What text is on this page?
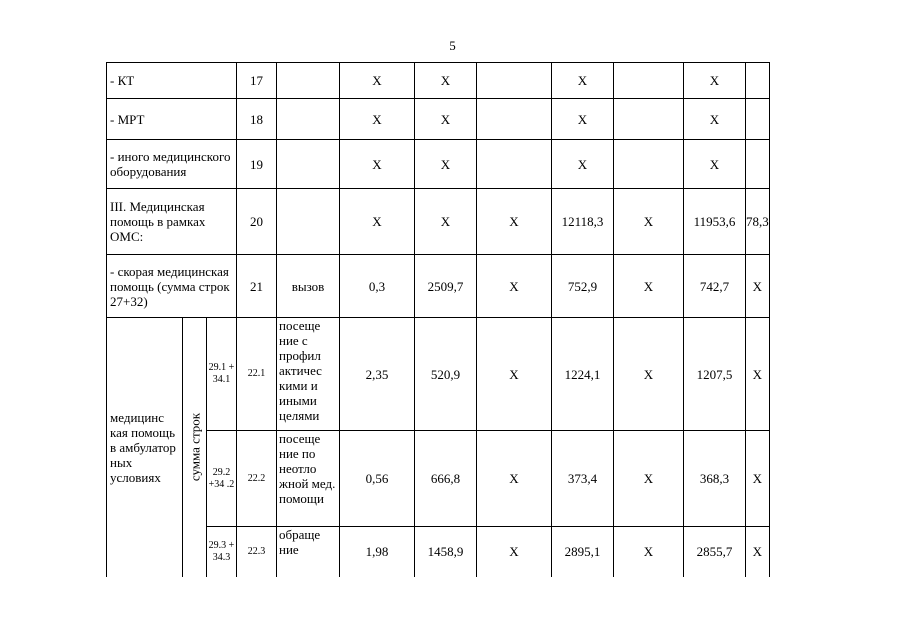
5
- КТ			17		X	X		X		X	
- МРТ			18		X	X		X		X	
- иного медицинского оборудования			19		X	X		X		X	
III. Медицинская помощь в рамках ОМС:			20		X	X	X	12118,3	X	11953,6	78,3
- скорая медицинская помощь (сумма строк 27+32)			21	вызов	0,3	2509,7	X	752,9	X	742,7	X
медицинс кая помощь в амбулатор ных условиях	сумма строк	29.1 + 34.1	22.1	посеще ние с профил актичес кими и иными целями	2,35	520,9	X	1224,1	X	1207,5	X
		29.2 +34 .2	22.2	посеще ние по неотло жной мед. помощи	0,56	666,8	X	373,4	X	368,3	X
		29.3 + 34.3	22.3	обраще ние	1,98	1458,9	X	2895,1	X	2855,7	X
